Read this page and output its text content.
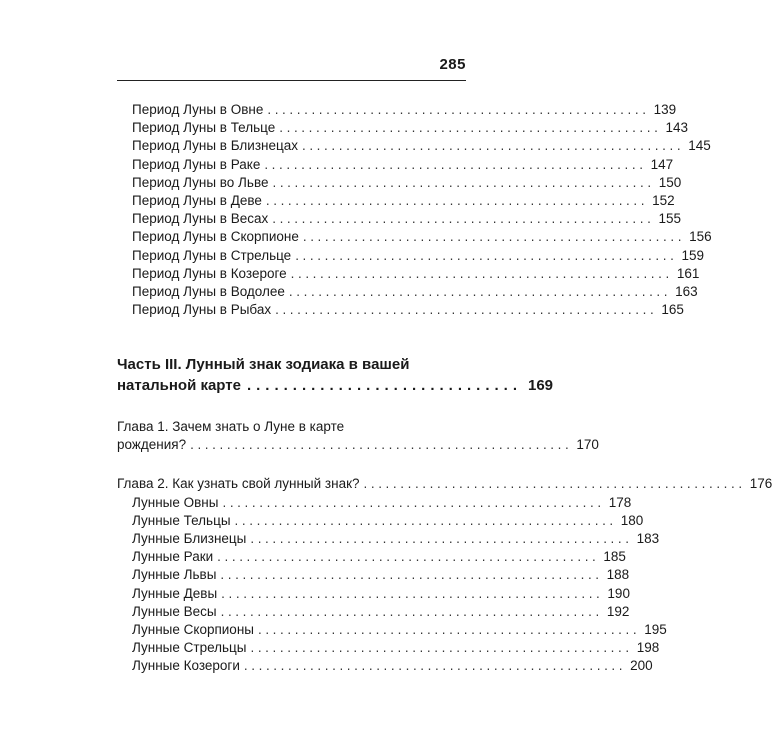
285
Период Луны в Овне .................................................... 139
Период Луны в Тельце .................................................... 143
Период Луны в Близнецах .................................................... 145
Период Луны в Раке .................................................... 147
Период Луны во Льве .................................................... 150
Период Луны в Деве .................................................... 152
Период Луны в Весах .................................................... 155
Период Луны в Скорпионе .................................................... 156
Период Луны в Стрельце .................................................... 159
Период Луны в Козероге .................................................... 161
Период Луны в Водолее .................................................... 163
Период Луны в Рыбах .................................................... 165
Часть III. Лунный знак зодиака в вашей
натальной карте .............................. 169
Глава 1. Зачем знать о Луне в карте
рождения? .................................................... 170
Глава 2. Как узнать свой лунный знак? .................................................... 176
Лунные Овны .................................................... 178
Лунные Тельцы .................................................... 180
Лунные Близнецы .................................................... 183
Лунные Раки .................................................... 185
Лунные Львы .................................................... 188
Лунные Девы .................................................... 190
Лунные Весы .................................................... 192
Лунные Скорпионы .................................................... 195
Лунные Стрельцы .................................................... 198
Лунные Козероги .................................................... 200
